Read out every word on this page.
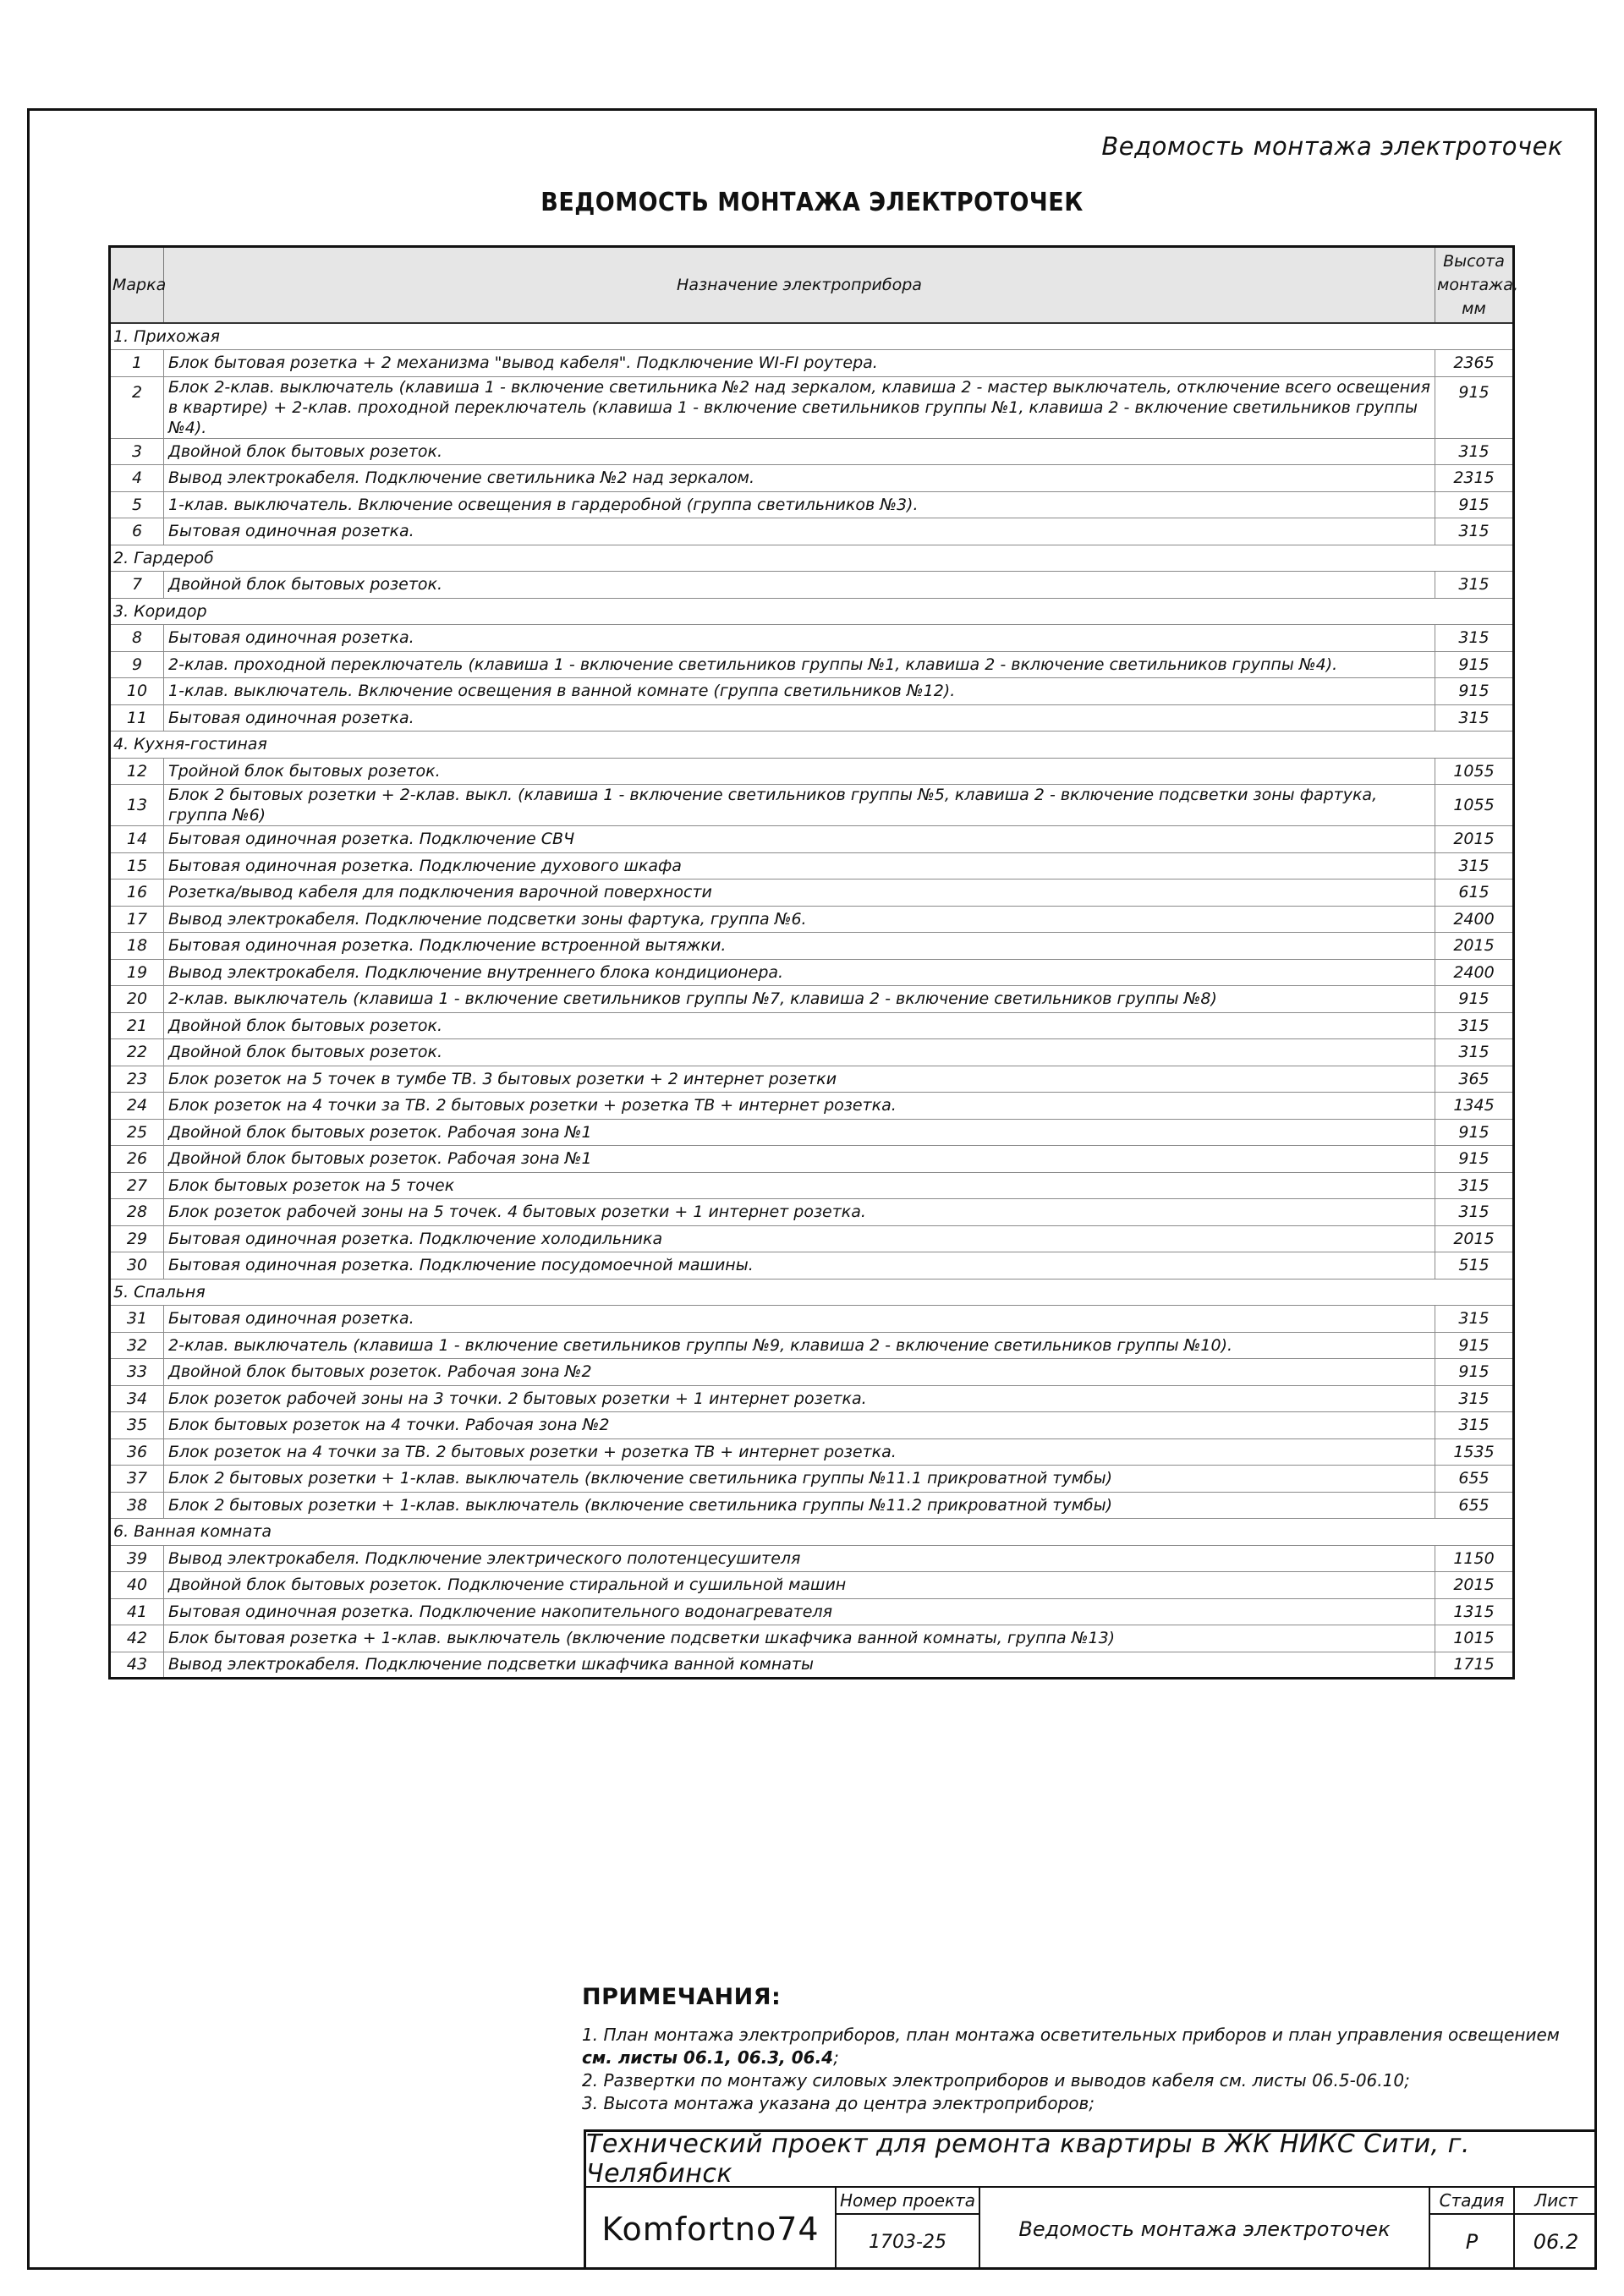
Ведомость монтажа электроточек
ВЕДОМОСТЬ МОНТАЖА ЭЛЕКТРОТОЧЕК
Марка	Назначение электроприбора	Высота монтажа, мм
1. Прихожая		
1	Блок бытовая розетка + 2 механизма "вывод кабеля". Подключение WI-FI роутера.	2365
2	Блок 2-клав. выключатель (клавиша 1 - включение светильника №2 над зеркалом, клавиша 2 - мастер выключатель, отключение всего освещения в квартире) + 2-клав. проходной переключатель (клавиша 1 - включение светильников группы №1, клавиша 2 - включение светильников группы №4).	915
3	Двойной блок бытовых розеток.	315
4	Вывод электрокабеля. Подключение светильника №2 над зеркалом.	2315
5	1-клав. выключатель. Включение освещения в гардеробной (группа светильников №3).	915
6	Бытовая одиночная розетка.	315
2. Гардероб		
7	Двойной блок бытовых розеток.	315
3. Коридор		
8	Бытовая одиночная розетка.	315
9	2-клав. проходной переключатель (клавиша 1 - включение светильников группы №1, клавиша 2 - включение светильников группы №4).	915
10	1-клав. выключатель. Включение освещения в ванной комнате (группа светильников №12).	915
11	Бытовая одиночная розетка.	315
4. Кухня-гостиная		
12	Тройной блок бытовых розеток.	1055
13	Блок 2 бытовых розетки + 2-клав. выкл. (клавиша 1 - включение светильников группы №5, клавиша 2 - включение подсветки зоны фартука, группа №6)	1055
14	Бытовая одиночная розетка. Подключение СВЧ	2015
15	Бытовая одиночная розетка. Подключение духового шкафа	315
16	Розетка/вывод кабеля для подключения варочной поверхности	615
17	Вывод электрокабеля. Подключение подсветки зоны фартука, группа №6.	2400
18	Бытовая одиночная розетка. Подключение встроенной вытяжки.	2015
19	Вывод электрокабеля. Подключение внутреннего блока кондиционера.	2400
20	2-клав. выключатель (клавиша 1 - включение светильников группы №7, клавиша 2 - включение светильников группы №8)	915
21	Двойной блок бытовых розеток.	315
22	Двойной блок бытовых розеток.	315
23	Блок розеток на 5 точек в тумбе ТВ. 3 бытовых розетки + 2 интернет розетки	365
24	Блок розеток на 4 точки за ТВ. 2 бытовых розетки + розетка ТВ + интернет розетка.	1345
25	Двойной блок бытовых розеток. Рабочая зона №1	915
26	Двойной блок бытовых розеток. Рабочая зона №1	915
27	Блок бытовых розеток на 5 точек	315
28	Блок розеток рабочей зоны на 5 точек. 4 бытовых розетки + 1 интернет розетка.	315
29	Бытовая одиночная розетка. Подключение холодильника	2015
30	Бытовая одиночная розетка. Подключение посудомоечной машины.	515
5. Спальня		
31	Бытовая одиночная розетка.	315
32	2-клав. выключатель (клавиша 1 - включение светильников группы №9, клавиша 2 - включение светильников группы №10).	915
33	Двойной блок бытовых розеток. Рабочая зона №2	915
34	Блок розеток рабочей зоны на 3 точки. 2 бытовых розетки + 1 интернет розетка.	315
35	Блок бытовых розеток на 4 точки. Рабочая зона №2	315
36	Блок розеток на 4 точки за ТВ. 2 бытовых розетки + розетка ТВ + интернет розетка.	1535
37	Блок 2 бытовых розетки + 1-клав. выключатель (включение светильника группы №11.1 прикроватной тумбы)	655
38	Блок 2 бытовых розетки + 1-клав. выключатель (включение светильника группы №11.2 прикроватной тумбы)	655
6. Ванная комната		
39	Вывод электрокабеля. Подключение электрического полотенцесушителя	1150
40	Двойной блок бытовых розеток. Подключение стиральной и сушильной машин	2015
41	Бытовая одиночная розетка. Подключение накопительного водонагревателя	1315
42	Блок бытовая розетка + 1-клав. выключатель (включение подсветки шкафчика ванной комнаты, группа №13)	1015
43	Вывод электрокабеля. Подключение подсветки шкафчика ванной комнаты	1715
ПРИМЕЧАНИЯ:
1. План монтажа электроприборов, план монтажа осветительных приборов и план управления освещением см. листы 06.1, 06.3, 06.4;
2. Развертки по монтажу силовых электроприборов и выводов кабеля см. листы 06.5-06.10;
3. Высота монтажа указана до центра электроприборов;
Технический проект для ремонта квартиры в ЖК НИКС Сити, г. Челябинск
Komfortno74
Номер проекта
1703-25
Ведомость монтажа электроточек
Стадия
Р
Лист
06.2
